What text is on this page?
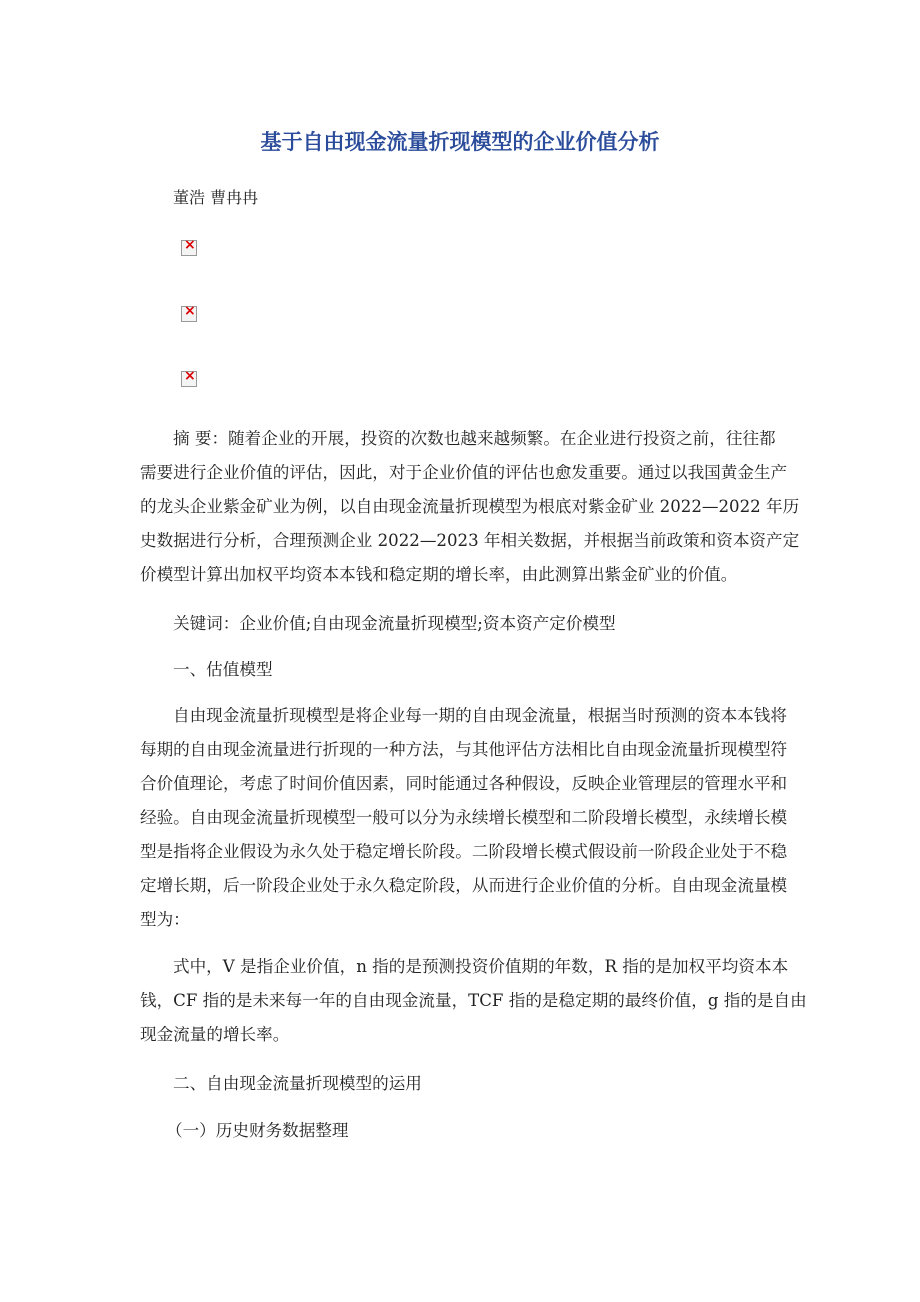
基于自由现金流量折现模型的企业价值分析
董浩 曹冉冉
×
×
×
摘 要：随着企业的开展，投资的次数也越来越频繁。在企业进行投资之前，往往都
需要进行企业价值的评估，因此，对于企业价值的评估也愈发重要。通过以我国黄金生产
的龙头企业紫金矿业为例，以自由现金流量折现模型为根底对紫金矿业 2022—2022 年历
史数据进行分析，合理预测企业 2022—2023 年相关数据，并根据当前政策和资本资产定
价模型计算出加权平均资本本钱和稳定期的增长率，由此测算出紫金矿业的价值。
关键词：企业价值;自由现金流量折现模型;资本资产定价模型
一、估值模型
自由现金流量折现模型是将企业每一期的自由现金流量，根据当时预测的资本本钱将
每期的自由现金流量进行折现的一种方法，与其他评估方法相比自由现金流量折现模型符
合价值理论，考虑了时间价值因素，同时能通过各种假设，反映企业管理层的管理水平和
经验。自由现金流量折现模型一般可以分为永续增长模型和二阶段增长模型，永续增长模
型是指将企业假设为永久处于稳定增长阶段。二阶段增长模式假设前一阶段企业处于不稳
定增长期，后一阶段企业处于永久稳定阶段，从而进行企业价值的分析。自由现金流量模
型为：
式中，V 是指企业价值，n 指的是预测投资价值期的年数，R 指的是加权平均资本本
钱，CF 指的是未来每一年的自由现金流量，TCF 指的是稳定期的最终价值，g 指的是自由
现金流量的增长率。
二、自由现金流量折现模型的运用
（一）历史财务数据整理
